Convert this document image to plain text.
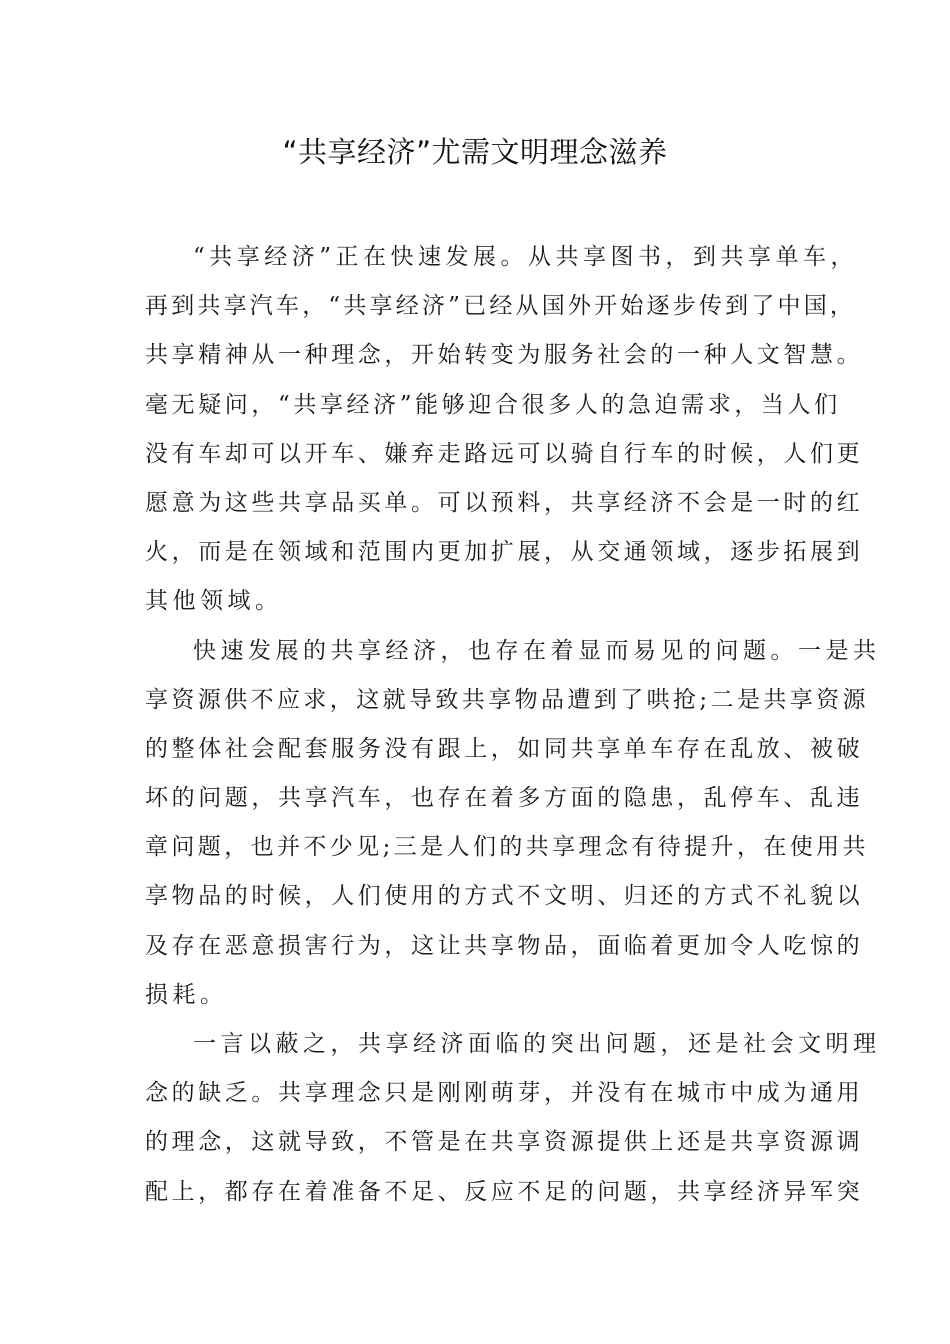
“共享经济”尤需文明理念滋养
“共享经济”正在快速发展。从共享图书，到共享单车，
再到共享汽车，“共享经济”已经从国外开始逐步传到了中国，
共享精神从一种理念，开始转变为服务社会的一种人文智慧。
毫无疑问，“共享经济”能够迎合很多人的急迫需求，当人们
没有车却可以开车、嫌弃走路远可以骑自行车的时候，人们更
愿意为这些共享品买单。可以预料，共享经济不会是一时的红
火，而是在领域和范围内更加扩展，从交通领域，逐步拓展到
其他领域。
快速发展的共享经济，也存在着显而易见的问题。一是共
享资源供不应求，这就导致共享物品遭到了哄抢;二是共享资源
的整体社会配套服务没有跟上，如同共享单车存在乱放、被破
坏的问题，共享汽车，也存在着多方面的隐患，乱停车、乱违
章问题，也并不少见;三是人们的共享理念有待提升，在使用共
享物品的时候，人们使用的方式不文明、归还的方式不礼貌以
及存在恶意损害行为，这让共享物品，面临着更加令人吃惊的
损耗。
一言以蔽之，共享经济面临的突出问题，还是社会文明理
念的缺乏。共享理念只是刚刚萌芽，并没有在城市中成为通用
的理念，这就导致，不管是在共享资源提供上还是共享资源调
配上，都存在着准备不足、反应不足的问题，共享经济异军突
